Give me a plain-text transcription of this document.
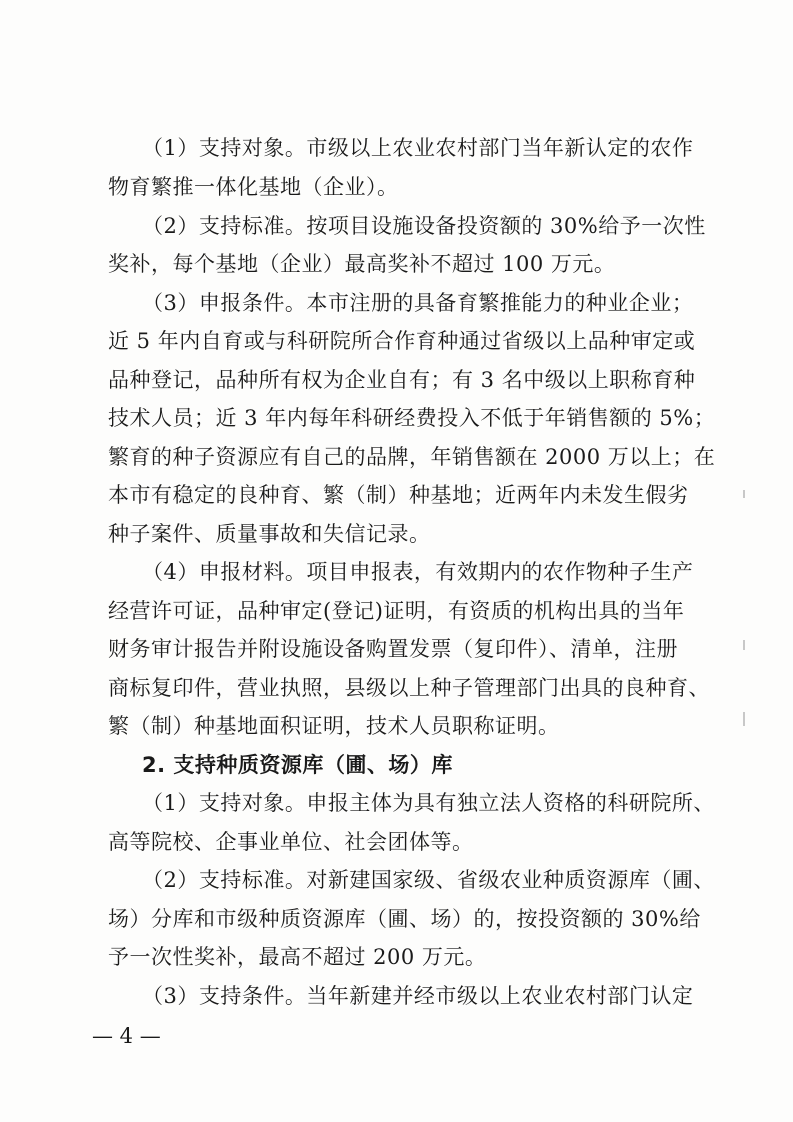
（1）支持对象。市级以上农业农村部门当年新认定的农作
物育繁推一体化基地（企业）。
（2）支持标准。按项目设施设备投资额的 30%给予一次性
奖补，每个基地（企业）最高奖补不超过 100 万元。
（3）申报条件。本市注册的具备育繁推能力的种业企业；
近 5 年内自育或与科研院所合作育种通过省级以上品种审定或
品种登记，品种所有权为企业自有；有 3 名中级以上职称育种
技术人员；近 3 年内每年科研经费投入不低于年销售额的 5%；
繁育的种子资源应有自己的品牌，年销售额在 2000 万以上；在
本市有稳定的良种育、繁（制）种基地；近两年内未发生假劣
种子案件、质量事故和失信记录。
（4）申报材料。项目申报表，有效期内的农作物种子生产
经营许可证，品种审定(登记)证明，有资质的机构出具的当年
财务审计报告并附设施设备购置发票（复印件）、清单，注册
商标复印件，营业执照，县级以上种子管理部门出具的良种育、
繁（制）种基地面积证明，技术人员职称证明。
2. 支持种质资源库（圃、场）库
（1）支持对象。申报主体为具有独立法人资格的科研院所、
高等院校、企事业单位、社会团体等。
（2）支持标准。对新建国家级、省级农业种质资源库（圃、
场）分库和市级种质资源库（圃、场）的，按投资额的 30%给
予一次性奖补，最高不超过 200 万元。
（3）支持条件。当年新建并经市级以上农业农村部门认定
— 4 —
